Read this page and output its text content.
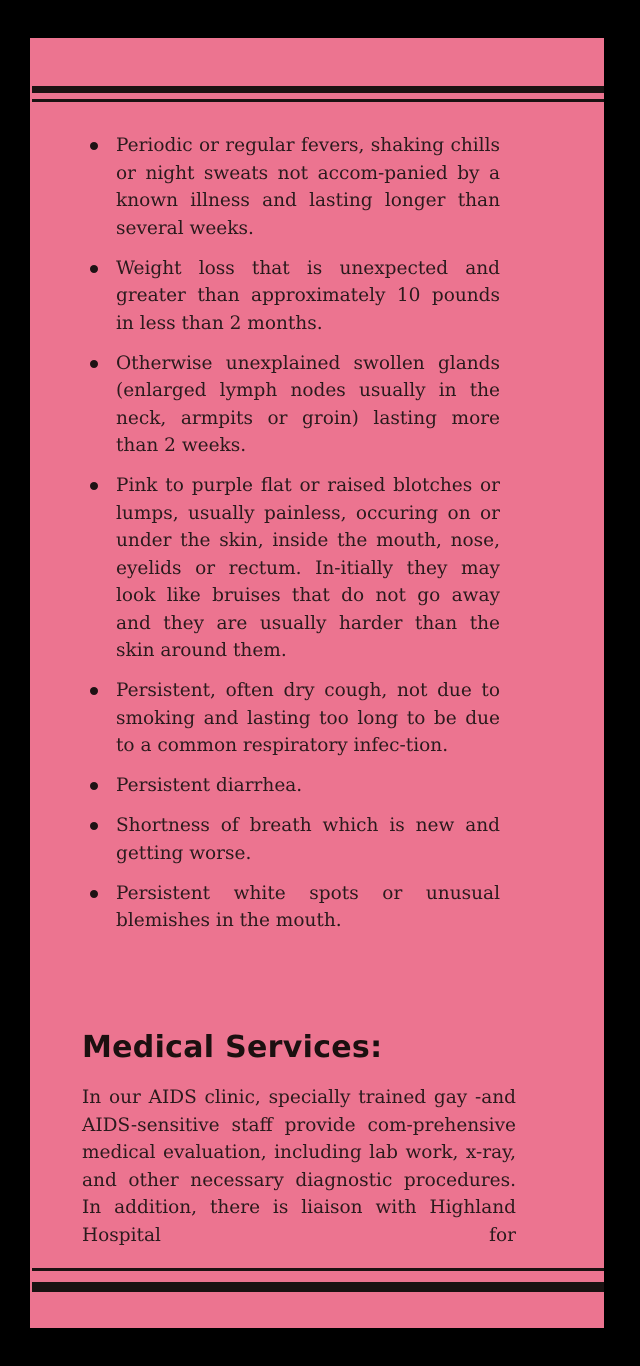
Periodic or regular fevers, shaking chills or night sweats not accom-panied by a known illness and lasting longer than several weeks.
Weight loss that is unexpected and greater than approximately 10 pounds in less than 2 months.
Otherwise unexplained swollen glands (enlarged lymph nodes usually in the neck, armpits or groin) lasting more than 2 weeks.
Pink to purple flat or raised blotches or lumps, usually painless, occuring on or under the skin, inside the mouth, nose, eyelids or rectum. In-itially they may look like bruises that do not go away and they are usually harder than the skin around them.
Persistent, often dry cough, not due to smoking and lasting too long to be due to a common respiratory infec-tion.
Persistent diarrhea.
Shortness of breath which is new and getting worse.
Persistent white spots or unusual blemishes in the mouth.
Medical Services:

In our AIDS clinic, specially trained gay -and AIDS-sensitive staff provide com-prehensive medical evaluation, including lab work, x-ray, and other necessary diagnostic procedures. In addition, there is liaison with Highland Hospital for
